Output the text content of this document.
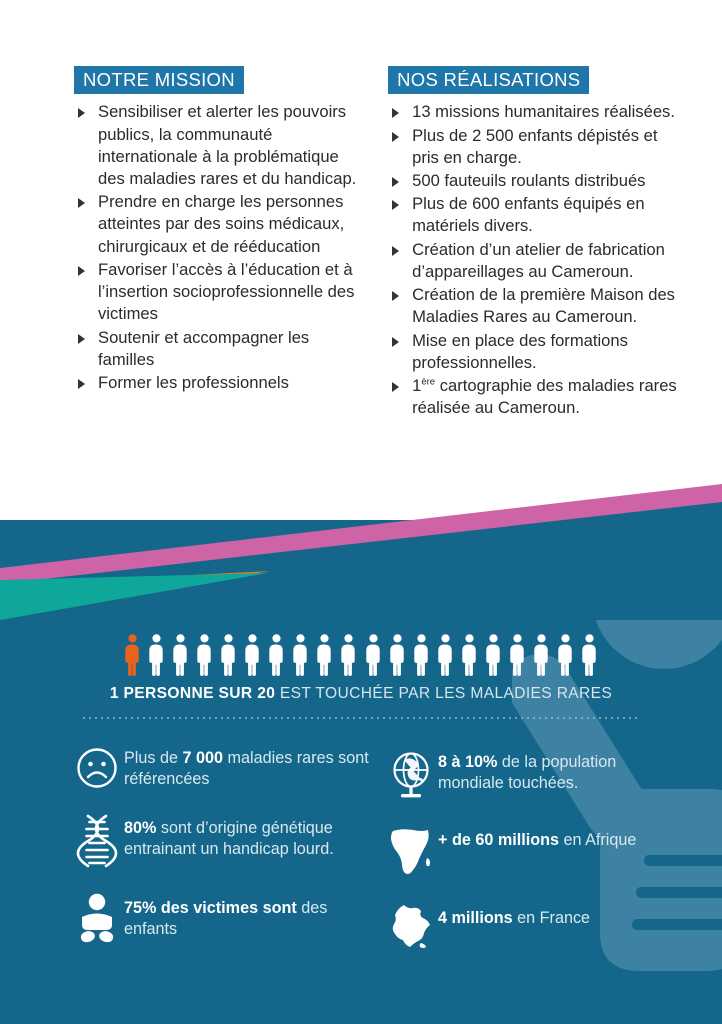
1 PERSONNE SUR 20 EST TOUCHÉE PAR LES MALADIES RARES
Plus de 7 000 maladies rares sont référencées
80% sont d’origine génétique entrainant un handicap lourd.
75% des victimes sont des enfants
8 à 10% de la population mondiale touchées.
+ de 60 millions en Afrique
4 millions en France
NOTRE MISSION
Sensibiliser et alerter les pouvoirs publics, la communauté internationale à la problématique des maladies rares et du handicap.
Prendre en charge les personnes atteintes par des soins médicaux, chirurgicaux et de rééducation
Favoriser l’accès à l’éducation et à l’insertion socioprofessionnelle des victimes
Soutenir et accompagner les familles
Former les professionnels
NOS RÉALISATIONS
13 missions humanitaires réalisées.
Plus de 2 500 enfants dépistés et pris en charge.
500 fauteuils roulants distribués
Plus de 600 enfants équipés en matériels divers.
Création d’un atelier de fabrication d’appareillages au Cameroun.
Création de la première Maison des Maladies Rares au Cameroun.
Mise en place des formations professionnelles.
1ère cartographie des maladies rares réalisée au Cameroun.
